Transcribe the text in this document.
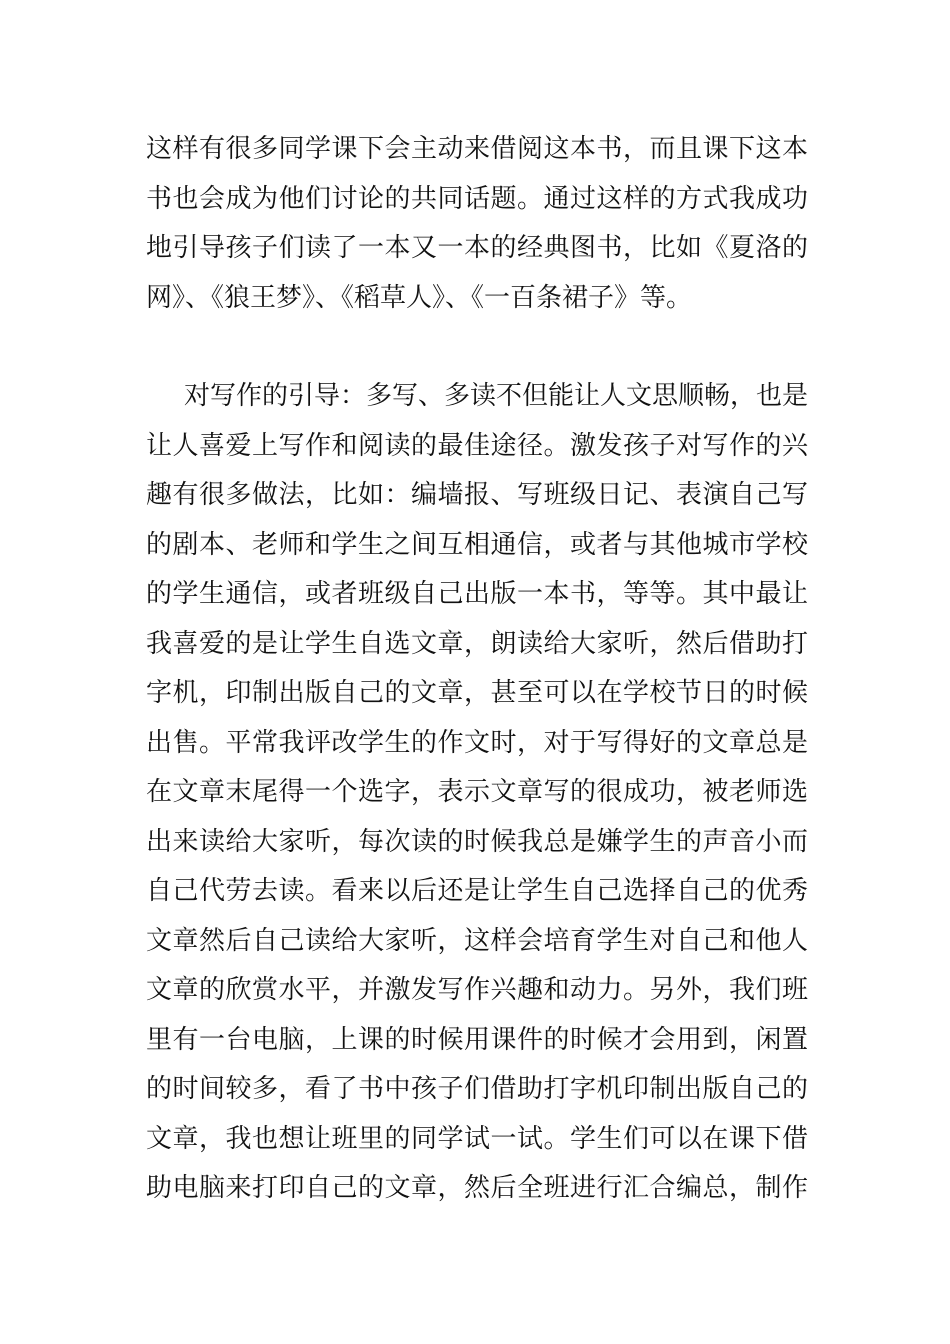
这样有很多同学课下会主动来借阅这本书，而且课下这本
书也会成为他们讨论的共同话题。通过这样的方式我成功
地引导孩子们读了一本又一本的经典图书，比如《夏洛的
网》、《狼王梦》、《稻草人》、《一百条裙子》等。
对写作的引导：多写、多读不但能让人文思顺畅，也是
让人喜爱上写作和阅读的最佳途径。激发孩子对写作的兴
趣有很多做法，比如：编墙报、写班级日记、表演自己写
的剧本、老师和学生之间互相通信，或者与其他城市学校
的学生通信，或者班级自己出版一本书，等等。其中最让
我喜爱的是让学生自选文章，朗读给大家听，然后借助打
字机，印制出版自己的文章，甚至可以在学校节日的时候
出售。平常我评改学生的作文时，对于写得好的文章总是
在文章末尾得一个选字，表示文章写的很成功，被老师选
出来读给大家听，每次读的时候我总是嫌学生的声音小而
自己代劳去读。看来以后还是让学生自己选择自己的优秀
文章然后自己读给大家听，这样会培育学生对自己和他人
文章的欣赏水平，并激发写作兴趣和动力。另外，我们班
里有一台电脑，上课的时候用课件的时候才会用到，闲置
的时间较多，看了书中孩子们借助打字机印制出版自己的
文章，我也想让班里的同学试一试。学生们可以在课下借
助电脑来打印自己的文章，然后全班进行汇合编总，制作
